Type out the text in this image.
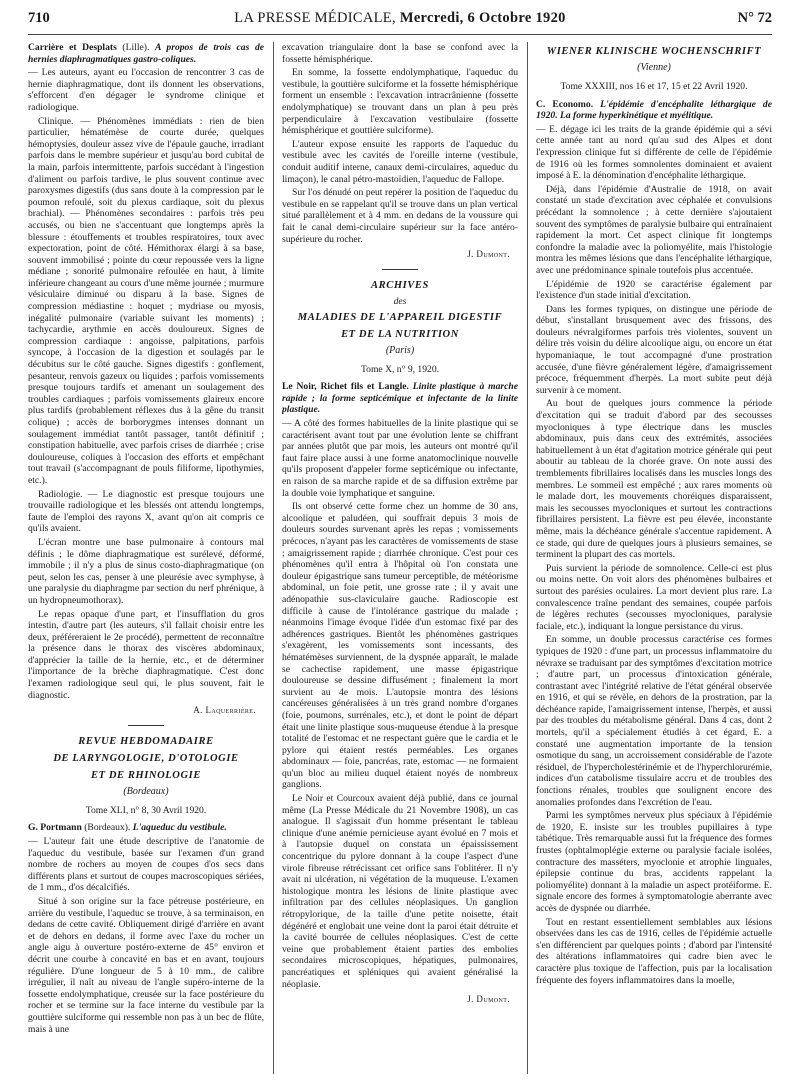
710	LA PRESSE MÉDICALE, Mercredi, 6 Octobre 1920	N° 72

Carrière et Desplats (Lille). A propos de trois cas de hernies diaphragmatiques gastro-coliques.

— Les auteurs, ayant eu l'occasion de rencontrer 3 cas de hernie diaphragmatique, dont ils donnent les observations, s'efforcent d'en dégager le syndrome clinique et radiologique.

Clinique. — Phénomènes immédiats : rien de bien particulier, hématémèse de courte durée, quelques hémoptysies, douleur assez vive de l'épaule gauche, irradiant parfois dans le membre supérieur et jusqu'au bord cubital de la main, parfois intermittente, parfois succédant à l'ingestion d'aliment ou parfois tardive, le plus souvent continue avec paroxysmes digestifs (dus sans doute à la compression par le poumon refoulé, soit du plexus cardiaque, soit du plexus brachial). — Phénomènes secondaires : parfois très peu accusés, ou bien ne s'accentuant que longtemps après la blessure : étouffements et troubles respiratoires, toux avec expectoration, point de côté. Hémithorax élargi à sa base, souvent immobilisé ; pointe du cœur repoussée vers la ligne médiane ; sonorité pulmonaire refoulée en haut, à limite inférieure changeant au cours d'une même journée ; murmure vésiculaire diminué ou disparu à la base. Signes de compression médiastine : hoquet ; mydriase ou myosis, inégalité pulmonaire (variable suivant les moments) ; tachycardie, arythmie en accès douloureux. Signes de compression cardiaque : angoisse, palpitations, parfois syncope, à l'occasion de la digestion et soulagés par le décubitus sur le côté gauche. Signes digestifs : gonflement, pesanteur, renvois gazeux ou liquides ; parfois vomissements presque toujours tardifs et amenant un soulagement des troubles cardiaques ; parfois vomissements glaireux encore plus tardifs (probablement réflexes dus à la gêne du transit colique) ; accès de borborygmes intenses donnant un soulagement immédiat tantôt passager, tantôt définitif ; constipation habituelle, avec parfois crises de diarrhée ; crise douloureuse, coliques à l'occasion des efforts et empêchant tout travail (s'accompagnant de pouls filiforme, lipothymies, etc.).

Radiologie. — Le diagnostic est presque toujours une trouvaille radiologique et les blessés ont attendu longtemps, faute de l'emploi des rayons X, avant qu'on ait compris ce qu'ils avaient.

L'écran montre une base pulmonaire à contours mal définis ; le dôme diaphragmatique est surélevé, déformé, immobile ; il n'y a plus de sinus costo-diaphragmatique (on peut, selon les cas, penser à une pleurésie avec symphyse, à une paralysie du diaphragme par section du nerf phrénique, à un hydropneumothorax).

Le repas opaque d'une part, et l'insufflation du gros intestin, d'autre part (les auteurs, s'il fallait choisir entre les deux, préféreraient le 2e procédé), permettent de reconnaître la présence dans le thorax des viscères abdominaux, d'apprécier la taille de la hernie, etc., et de déterminer l'importance de la brèche diaphragmatique. C'est donc l'examen radiologique seul qui, le plus souvent, fait le diagnostic.

A. Laquerrière.
REVUE HEBDOMADAIRE
DE LARYNGOLOGIE, D'OTOLOGIE
ET DE RHINOLOGIE
(Bordeaux)
Tome XLI, n° 8, 30 Avril 1920.

G. Portmann (Bordeaux). L'aqueduc du vestibule.

— L'auteur fait une étude descriptive de l'anatomie de l'aqueduc du vestibule, basée sur l'examen d'un grand nombre de rochers au moyen de coupes d'os secs dans différents plans et surtout de coupes macroscopiques sériées, de 1 mm., d'os décalcifiés.

Situé à son origine sur la face pétreuse postérieure, en arrière du vestibule, l'aqueduc se trouve, à sa terminaison, en dedans de cette cavité. Obliquement dirigé d'arrière en avant et de dehors en dedans, il forme avec l'axe du rocher un angle aigu à ouverture postéro-externe de 45° environ et décrit une courbe à concavité en bas et en avant, toujours régulière. D'une longueur de 5 à 10 mm., de calibre irrégulier, il naît au niveau de l'angle supéro-interne de la fossette endolymphatique, creusée sur la face postérieure du rocher et se termine sur la face interne du vestibule par la gouttière sulciforme qui ressemble non pas à un bec de flûte, mais à une

excavation triangulaire dont la base se confond avec la fossette hémisphérique.

En somme, la fossette endolymphatique, l'aqueduc du vestibule, la gouttière sulciforme et la fossette hémisphérique forment un ensemble : l'excavation intracrânienne (fossette endolymphatique) se trouvant dans un plan à peu près perpendiculaire à l'excavation vestibulaire (fossette hémisphérique et gouttière sulciforme).

L'auteur expose ensuite les rapports de l'aqueduc du vestibule avec les cavités de l'oreille interne (vestibule, conduit auditif interne, canaux demi-circulaires, aqueduc du limaçon), le canal pétro-mastoïdien, l'aqueduc de Fallope.

Sur l'os dénudé on peut repérer la position de l'aqueduc du vestibule en se rappelant qu'il se trouve dans un plan vertical situé parallèlement et à 4 mm. en dedans de la voussure qui fait le canal demi-circulaire supérieur sur la face antéro-supérieure du rocher.

J. Dumont.
ARCHIVES
des
MALADIES DE L'APPAREIL DIGESTIF
ET DE LA NUTRITION
(Paris)
Tome X, n° 9, 1920.

Le Noir, Richet fils et Langle. Linite plastique à marche rapide ; la forme septicémique et infectante de la linite plastique.

— A côté des formes habituelles de la linite plastique qui se caractérisent avant tout par une évolution lente se chiffrant par années plutôt que par mois, les auteurs ont montré qu'il faut faire place aussi à une forme anatomoclinique nouvelle qu'ils proposent d'appeler forme septicémique ou infectante, en raison de sa marche rapide et de sa diffusion extrême par la double voie lymphatique et sanguine.

Ils ont observé cette forme chez un homme de 30 ans, alcoolique et paludéen, qui souffrait depuis 3 mois de douleurs sourdes survenant après les repas ; vomissements précoces, n'ayant pas les caractères de vomissements de stase ; amaigrissement rapide ; diarrhée chronique. C'est pour ces phénomènes qu'il entra à l'hôpital où l'on constata une douleur épigastrique sans tumeur perceptible, de météorisme abdominal, un foie petit, une grosse rate ; il y avait une adénopathie sus-claviculaire gauche. Radioscopie est difficile à cause de l'intolérance gastrique du malade ; néanmoins l'image évoque l'idée d'un estomac fixé par des adhérences gastriques. Bientôt les phénomènes gastriques s'exagèrent, les vomissements sont incessants, des hématémèses surviennent, de la dyspnée apparaît, le malade se cachectise rapidement, une masse épigastrique douloureuse se dessine diffusément ; finalement la mort survient au 4e mois. L'autopsie montra des lésions cancéreuses généralisées à un très grand nombre d'organes (foie, poumons, surrénales, etc.), et dont le point de départ était une linite plastique sous-muqueuse étendue à la presque totalité de l'estomac et ne respectant guère que le cardia et le pylore qui étaient restés perméables. Les organes abdominaux — foie, pancréas, rate, estomac — ne formaient qu'un bloc au milieu duquel étaient noyés de nombreux ganglions.

Le Noir et Courcoux avaient déjà publié, dans ce journal même (La Presse Médicale du 21 Novembre 1908), un cas analogue. Il s'agissait d'un homme présentant le tableau clinique d'une anémie pernicieuse ayant évolué en 7 mois et à l'autopsie duquel on constata un épaississement concentrique du pylore donnant à la coupe l'aspect d'une virole fibreuse rétrécissant cet orifice sans l'oblitérer. Il n'y avait ni ulcération, ni végétation de la muqueuse. L'examen histologique montra les lésions de linite plastique avec infiltration par des cellules néoplasiques. Un ganglion rétropylorique, de la taille d'une petite noisette, était dégénéré et englobait une veine dont la paroi était détruite et la cavité bourrée de cellules néoplasiques. C'est de cette veine que probablement étaient parties des embolies secondaires microscopiques, hépatiques, pulmonaires, pancréatiques et spléniques qui avaient généralisé la néoplasie.

J. Dumont.
WIENER KLINISCHE WOCHENSCHRIFT
(Vienne)
Tome XXXIII, nos 16 et 17, 15 et 22 Avril 1920.

C. Economo. L'épidémie d'encéphalite léthargique de 1920. La forme hyperkinétique et myélitique.

— E. dégage ici les traits de la grande épidémie qui a sévi cette année tant au nord qu'au sud des Alpes et dont l'expression clinique fut si différente de celle de l'épidémie de 1916 où les formes somnolentes dominaient et avaient imposé à E. la dénomination d'encéphalite léthargique.

Déjà, dans l'épidémie d'Australie de 1918, on avait constaté un stade d'excitation avec céphalée et convulsions précédant la somnolence ; à cette dernière s'ajoutaient souvent des symptômes de paralysie bulbaire qui entraînaient rapidement la mort. Cet aspect clinique fit longtemps confondre la maladie avec la poliomyélite, mais l'histologie montra les mêmes lésions que dans l'encéphalite léthargique, avec une prédominance spinale toutefois plus accentuée.

L'épidémie de 1920 se caractérise également par l'existence d'un stade initial d'excitation.

Dans les formes typiques, on distingue une période de début, s'installant brusquement avec des frissons, des douleurs névralgiformes parfois très violentes, souvent un délire très voisin du délire alcoolique aigu, ou encore un état hypomaniaque, le tout accompagné d'une prostration accusée, d'une fièvre généralement légère, d'amaigrissement précoce, fréquemment d'herpès. La mort subite peut déjà survenir à ce moment.

Au bout de quelques jours commence la période d'excitation qui se traduit d'abord par des secousses myocloniques à type électrique dans les muscles abdominaux, puis dans ceux des extrémités, associées habituellement à un état d'agitation motrice générale qui peut aboutir au tableau de la chorée grave. On note aussi des tremblements fibrillaires localisés dans les muscles longs des membres. Le sommeil est empêché ; aux rares moments où le malade dort, les mouvements choréiques disparaissent, mais les secousses myocloniques et surtout les contractions fibrillaires persistent. La fièvre est peu élevée, inconstante même, mais la déchéance générale s'accentue rapidement. A ce stade, qui dure de quelques jours à plusieurs semaines, se terminent la plupart des cas mortels.

Puis survient la période de somnolence. Celle-ci est plus ou moins nette. On voit alors des phénomènes bulbaires et surtout des parésies oculaires. La mort devient plus rare. La convalescence traîne pendant des semaines, coupée parfois de légères rechutes (secousses myocloniques, paralysie faciale, etc.), indiquant la longue persistance du virus.

En somme, un double processus caractérise ces formes typiques de 1920 : d'une part, un processus inflammatoire du névraxe se traduisant par des symptômes d'excitation motrice ; d'autre part, un processus d'intoxication générale, contrastant avec l'intégrité relative de l'état général observée en 1916, et qui se révèle, en dehors de la prostration, par la déchéance rapide, l'amaigrissement intense, l'herpès, et aussi par des troubles du métabolisme général. Dans 4 cas, dont 2 mortels, qu'il a spécialement étudiés à cet égard, E. a constaté une augmentation importante de la tension osmotique du sang, un accroissement considérable de l'azote résiduel, de l'hypercholestérinémie et de l'hyperchlorurémie, indices d'un catabolisme tissulaire accru et de troubles des fonctions rénales, troubles que soulignent encore des anomalies profondes dans l'excrétion de l'eau.

Parmi les symptômes nerveux plus spéciaux à l'épidémie de 1920, E. insiste sur les troubles pupillaires à type tabétique. Très remarquable aussi fut la fréquence des formes frustes (ophtalmoplégie externe ou paralysie faciale isolées, contracture des masséters, myoclonie et atrophie linguales, épilepsie continue du bras, accidents rappelant la poliomyélite) donnant à la maladie un aspect protéiforme. E. signale encore des formes à symptomatologie aberrante avec accès de dyspnée ou diarrhée.

Tout en restant essentiellement semblables aux lésions observées dans les cas de 1916, celles de l'épidémie actuelle s'en différencient par quelques points ; d'abord par l'intensité des altérations inflammatoires qui cadre bien avec le caractère plus toxique de l'affection, puis par la localisation fréquente des foyers inflammatoires dans la moelle,
